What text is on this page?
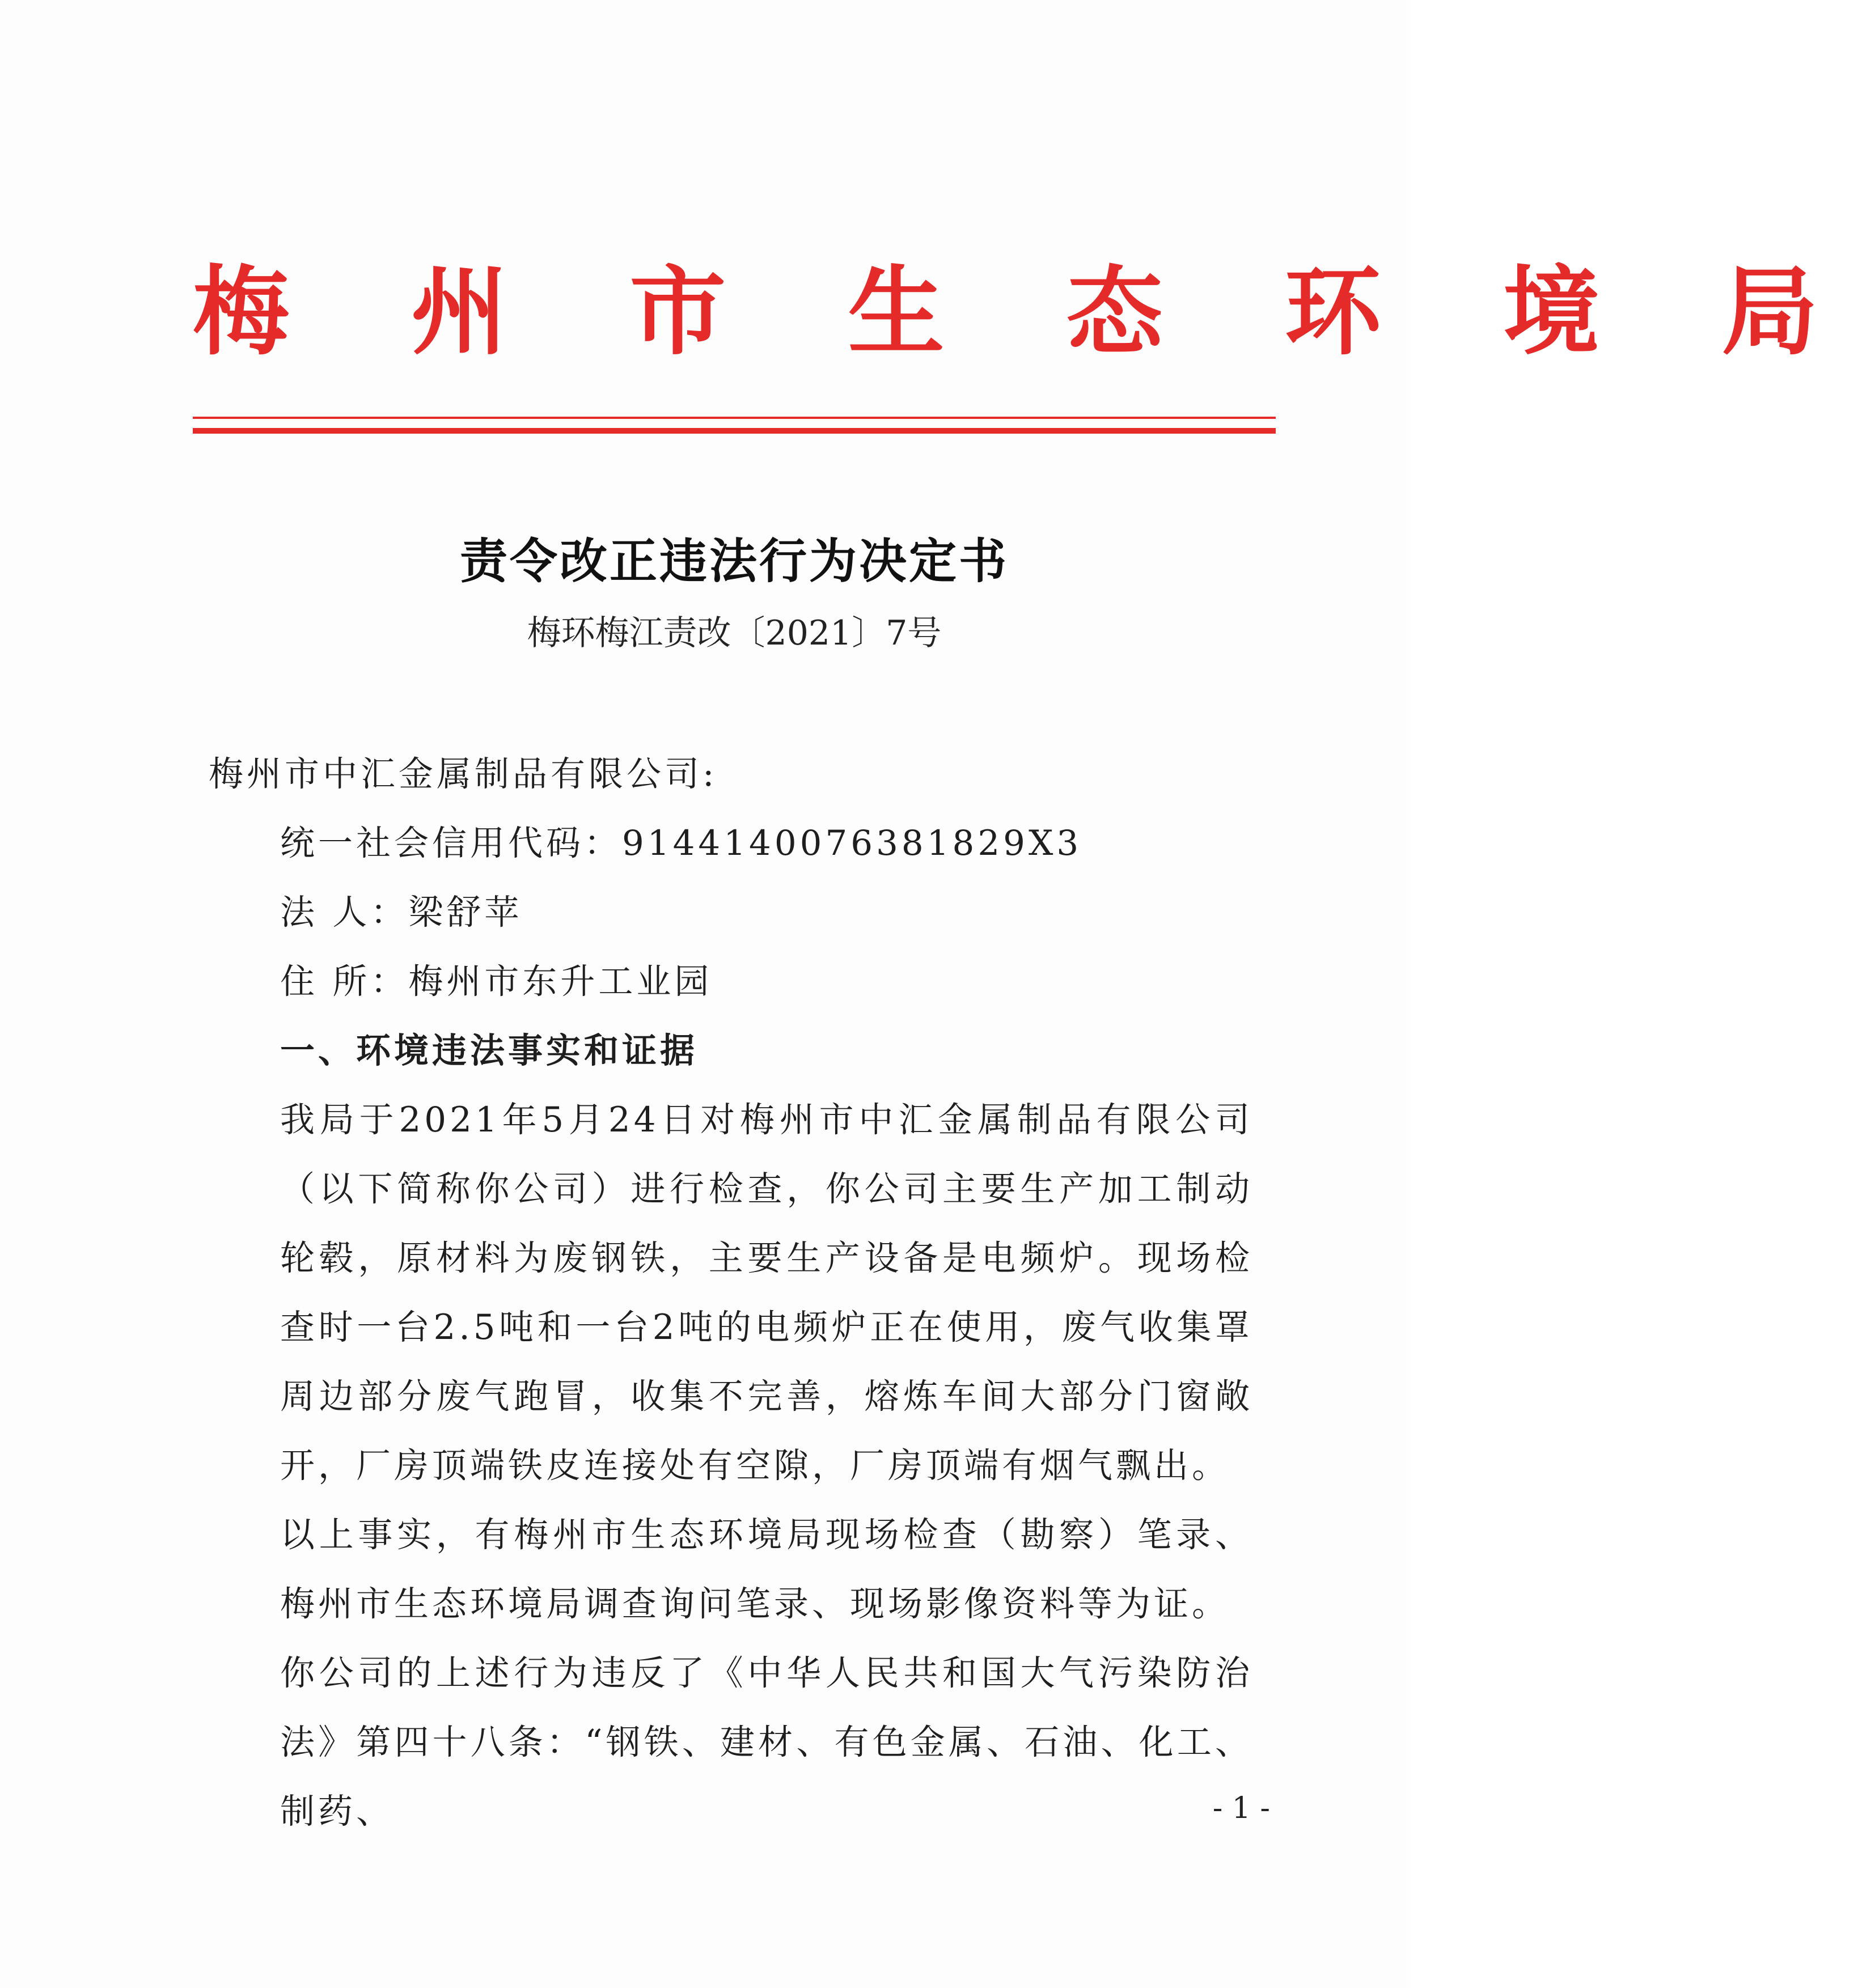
梅 州 市 生 态 环 境 局
责令改正违法行为决定书
梅环梅江责改〔2021〕7号

梅州市中汇金属制品有限公司:

统一社会信用代码：9144140076381829X3

法 人：梁舒苹

住 所：梅州市东升工业园

一、环境违法事实和证据

我局于2021年5月24日对梅州市中汇金属制品有限公司（以下简称你公司）进行检查，你公司主要生产加工制动轮毂，原材料为废钢铁，主要生产设备是电频炉。现场检查时一台2.5吨和一台2吨的电频炉正在使用，废气收集罩周边部分废气跑冒，收集不完善，熔炼车间大部分门窗敞开，厂房顶端铁皮连接处有空隙，厂房顶端有烟气飘出。

以上事实，有梅州市生态环境局现场检查（勘察）笔录、梅州市生态环境局调查询问笔录、现场影像资料等为证。

你公司的上述行为违反了《中华人民共和国大气污染防治法》第四十八条：“钢铁、建材、有色金属、石油、化工、制药、	- 1 -
